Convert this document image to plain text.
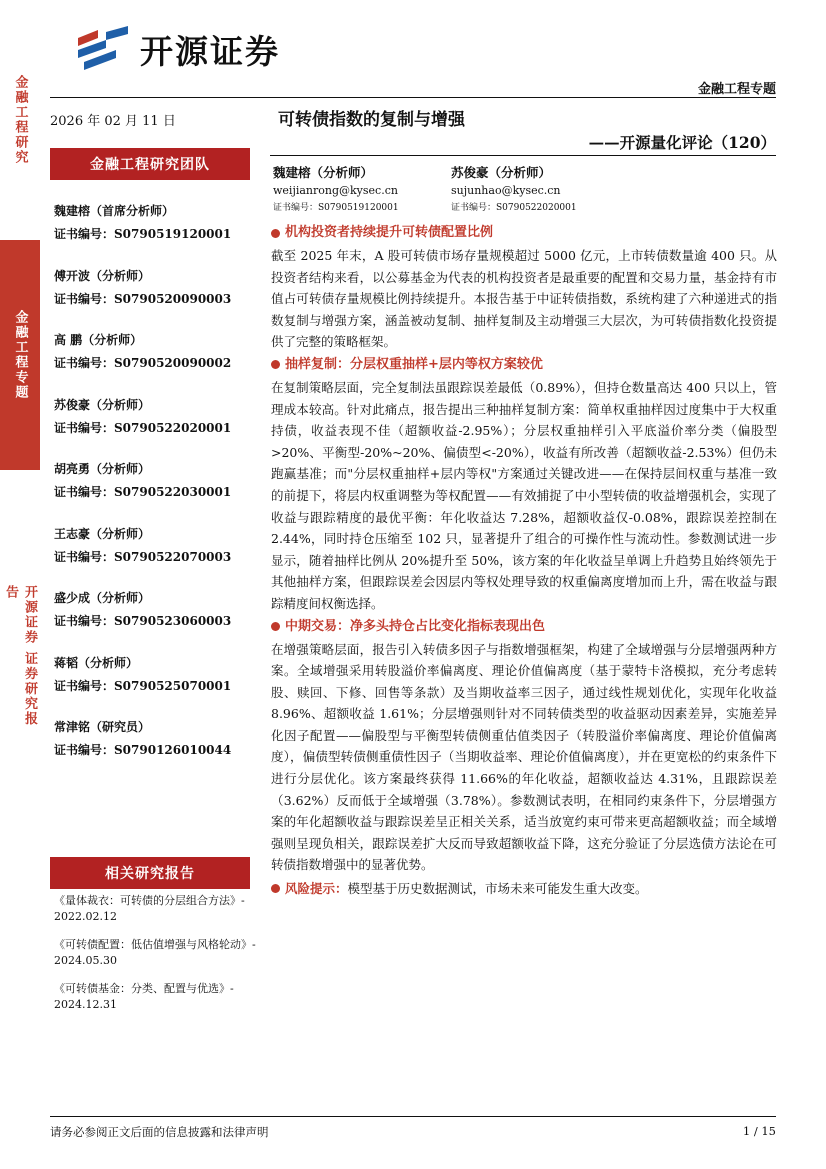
开源证券
金融工程专题
金融工程研究
金融工程专题
开源证券 证券研究报告
2026 年 02 月 11 日
金融工程研究团队
魏建榕（首席分析师）
证书编号：S0790519120001
傅开波（分析师）
证书编号：S0790520090003
高 鹏（分析师）
证书编号：S0790520090002
苏俊豪（分析师）
证书编号：S0790522020001
胡亮勇（分析师）
证书编号：S0790522030001
王志豪（分析师）
证书编号：S0790522070003
盛少成（分析师）
证书编号：S0790523060003
蒋韬（分析师）
证书编号：S0790525070001
常津铭（研究员）
证书编号：S0790126010044
相关研究报告
《量体裁衣：可转债的分层组合方法》- 2022.02.12
《可转债配置：低估值增强与风格轮动》- 2024.05.30
《可转债基金：分类、配置与优选》- 2024.12.31
可转债指数的复制与增强
——开源量化评论（120）
魏建榕（分析师）
weijianrong@kysec.cn
证书编号：S0790519120001
苏俊豪（分析师）
sujunhao@kysec.cn
证书编号：S0790522020001
机构投资者持续提升可转债配置比例

截至 2025 年末，A 股可转债市场存量规模超过 5000 亿元，上市转债数量逾 400 只。从投资者结构来看，以公募基金为代表的机构投资者是最重要的配置和交易力量，基金持有市值占可转债存量规模比例持续提升。本报告基于中证转债指数，系统构建了六种递进式的指数复制与增强方案，涵盖被动复制、抽样复制及主动增强三大层次，为可转债指数化投资提供了完整的策略框架。

抽样复制：分层权重抽样+层内等权方案较优

在复制策略层面，完全复制法虽跟踪误差最低（0.89%），但持仓数量高达 400 只以上，管理成本较高。针对此痛点，报告提出三种抽样复制方案：简单权重抽样因过度集中于大权重持债，收益表现不佳（超额收益-2.95%）；分层权重抽样引入平底溢价率分类（偏股型>20%、平衡型-20%~20%、偏债型<-20%），收益有所改善（超额收益-2.53%）但仍未跑赢基准；而"分层权重抽样+层内等权"方案通过关键改进——在保持层间权重与基准一致的前提下，将层内权重调整为等权配置——有效捕捉了中小型转债的收益增强机会，实现了收益与跟踪精度的最优平衡：年化收益达 7.28%，超额收益仅-0.08%，跟踪误差控制在 2.44%，同时持仓压缩至 102 只，显著提升了组合的可操作性与流动性。参数测试进一步显示，随着抽样比例从 20%提升至 50%，该方案的年化收益呈单调上升趋势且始终领先于其他抽样方案，但跟踪误差会因层内等权处理导致的权重偏离度增加而上升，需在收益与跟踪精度间权衡选择。

中期交易：净多头持仓占比变化指标表现出色

在增强策略层面，报告引入转债多因子与指数增强框架，构建了全域增强与分层增强两种方案。全域增强采用转股溢价率偏离度、理论价值偏离度（基于蒙特卡洛模拟，充分考虑转股、赎回、下修、回售等条款）及当期收益率三因子，通过线性规划优化，实现年化收益 8.96%、超额收益 1.61%；分层增强则针对不同转债类型的收益驱动因素差异，实施差异化因子配置——偏股型与平衡型转债侧重估值类因子（转股溢价率偏离度、理论价值偏离度），偏债型转债侧重债性因子（当期收益率、理论价值偏离度），并在更宽松的约束条件下进行分层优化。该方案最终获得 11.66%的年化收益，超额收益达 4.31%，且跟踪误差（3.62%）反而低于全域增强（3.78%）。参数测试表明，在相同约束条件下，分层增强方案的年化超额收益与跟踪误差呈正相关关系，适当放宽约束可带来更高超额收益；而全域增强则呈现负相关，跟踪误差扩大反而导致超额收益下降，这充分验证了分层选债方法论在可转债指数增强中的显著优势。

风险提示： 模型基于历史数据测试，市场未来可能发生重大改变。
请务必参阅正文后面的信息披露和法律声明	1 / 15
